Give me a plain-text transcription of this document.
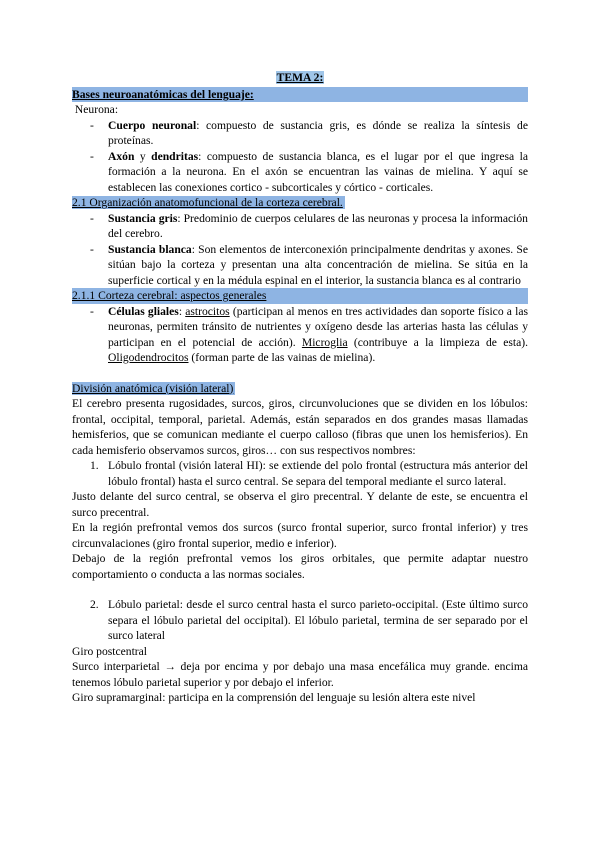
TEMA 2:
Bases neuroanatómicas del lenguaje:

Neurona:

- Cuerpo neuronal: compuesto de sustancia gris, es dónde se realiza la síntesis de proteínas.
- Axón y dendritas: compuesto de sustancia blanca, es el lugar por el que ingresa la formación a la neurona. En el axón se encuentran las vainas de mielina. Y aquí se establecen las conexiones cortico - subcorticales y córtico - corticales.
2.1 Organización anatomofuncional de la corteza cerebral.
- Sustancia gris: Predominio de cuerpos celulares de las neuronas y procesa la información del cerebro.
- Sustancia blanca: Son elementos de interconexión principalmente dendritas y axones. Se sitúan bajo la corteza y presentan una alta concentración de mielina. Se sitúa en la superficie cortical y en la médula espinal en el interior, la sustancia blanca es al contrario
2.1.1 Corteza cerebral: aspectos generales
- Células gliales: astrocitos (participan al menos en tres actividades dan soporte físico a las neuronas, permiten tránsito de nutrientes y oxígeno desde las arterias hasta las células y participan en el potencial de acción). Microglia (contribuye a la limpieza de esta). Oligodendrocitos (forman parte de las vainas de mielina).
División anatómica (visión lateral)

El cerebro presenta rugosidades, surcos, giros, circunvoluciones que se dividen en los lóbulos: frontal, occipital, temporal, parietal. Además, están separados en dos grandes masas llamadas hemisferios, que se comunican mediante el cuerpo calloso (fibras que unen los hemisferios). En cada hemisferio observamos surcos, giros… con sus respectivos nombres:

1. Lóbulo frontal (visión lateral HI): se extiende del polo frontal (estructura más anterior del lóbulo frontal) hasta el surco central. Se separa del temporal mediante el surco lateral.

Justo delante del surco central, se observa el giro precentral. Y delante de este, se encuentra el surco precentral.

En la región prefrontal vemos dos surcos (surco frontal superior, surco frontal inferior) y tres circunvalaciones (giro frontal superior, medio e inferior).

Debajo de la región prefrontal vemos los giros orbitales, que permite adaptar nuestro comportamiento o conducta a las normas sociales.

2. Lóbulo parietal: desde el surco central hasta el surco parieto-occipital. (Este último surco separa el lóbulo parietal del occipital). El lóbulo parietal, termina de ser separado por el surco lateral

Giro postcentral

Surco interparietal → deja por encima y por debajo una masa encefálica muy grande. encima tenemos lóbulo parietal superior y por debajo el inferior.

Giro supramarginal: participa en la comprensión del lenguaje su lesión altera este nivel
